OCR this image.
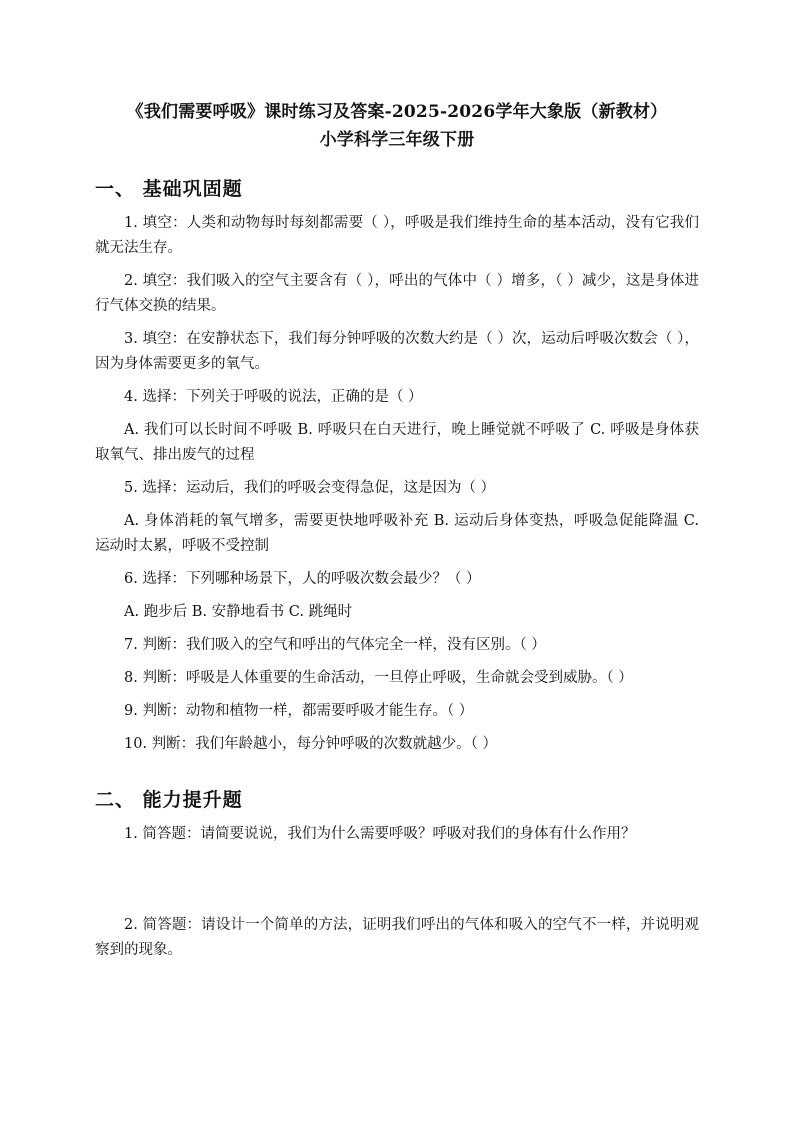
《我们需要呼吸》课时练习及答案-2025-2026学年大象版（新教材）
小学科学三年级下册
一、 基础巩固题

1. 填空：人类和动物每时每刻都需要（ ），呼吸是我们维持生命的基本活动，没有它我们就无法生存。

2. 填空：我们吸入的空气主要含有（ ），呼出的气体中（ ）增多，（ ）减少，这是身体进行气体交换的结果。

3. 填空：在安静状态下，我们每分钟呼吸的次数大约是（ ）次，运动后呼吸次数会（ ），因为身体需要更多的氧气。

4. 选择：下列关于呼吸的说法，正确的是（ ）

A. 我们可以长时间不呼吸 B. 呼吸只在白天进行，晚上睡觉就不呼吸了 C. 呼吸是身体获取氧气、排出废气的过程

5. 选择：运动后，我们的呼吸会变得急促，这是因为（ ）

A. 身体消耗的氧气增多，需要更快地呼吸补充 B. 运动后身体变热，呼吸急促能降温 C. 运动时太累，呼吸不受控制

6. 选择：下列哪种场景下，人的呼吸次数会最少？（ ）

A. 跑步后 B. 安静地看书 C. 跳绳时

7. 判断：我们吸入的空气和呼出的气体完全一样，没有区别。（ ）

8. 判断：呼吸是人体重要的生命活动，一旦停止呼吸，生命就会受到威胁。（ ）

9. 判断：动物和植物一样，都需要呼吸才能生存。（ ）

10. 判断：我们年龄越小，每分钟呼吸的次数就越少。（ ）

二、 能力提升题

1. 简答题：请简要说说，我们为什么需要呼吸？呼吸对我们的身体有什么作用？

2. 简答题：请设计一个简单的方法，证明我们呼出的气体和吸入的空气不一样，并说明观察到的现象。
